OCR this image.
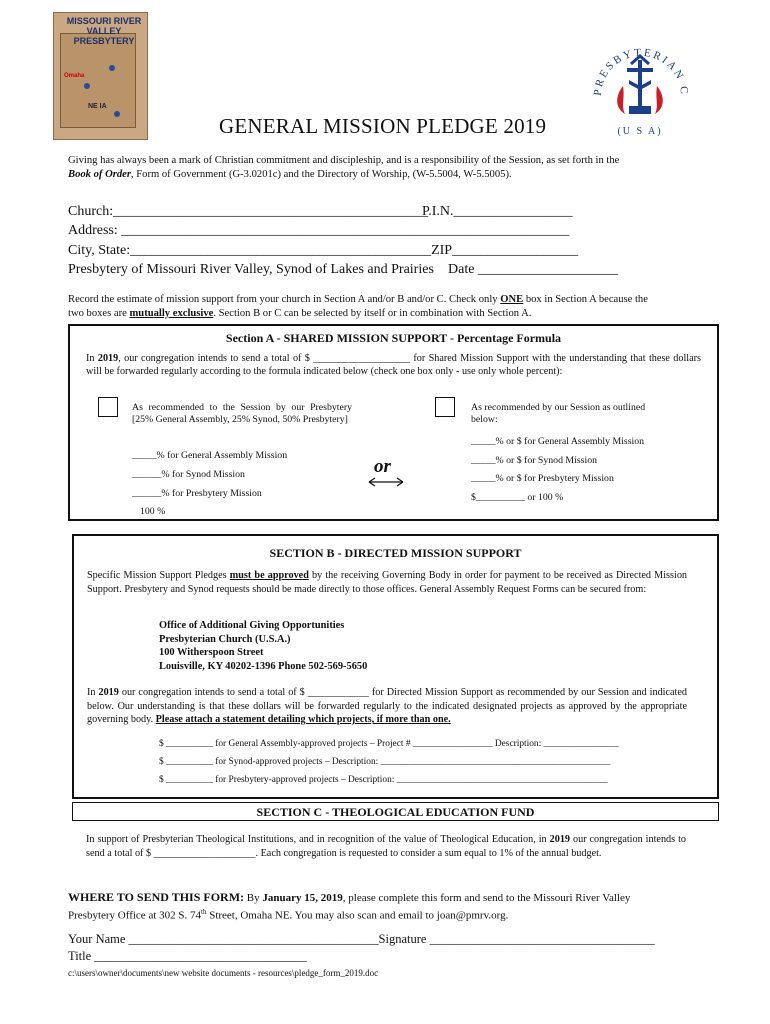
MISSOURI RIVER VALLEY PRESBYTERY
Omaha
NE IA
GENERAL MISSION PLEDGE 2019
PRESBYTERIAN C
(U S A)
Giving has always been a mark of Christian commitment and discipleship, and is a responsibility of the Session, as set forth in the
Book of Order, Form of Government (G-3.0201c) and the Directory of Worship, (W-5.5004, W-5.5005).
Church:_____________________________________________
P.I.N._________________
Address: ________________________________________________________________
City, State:___________________________________________ZIP__________________
Presbytery of Missouri River Valley, Synod of Lakes and Prairies Date ____________________
Record the estimate of mission support from your church in Section A and/or B and/or C. Check only ONE box in Section A because the
two boxes are mutually exclusive. Section B or C can be selected by itself or in combination with Section A.
Section A - SHARED MISSION SUPPORT - Percentage Formula
In 2019, our congregation intends to send a total of $ ___________________ for Shared Mission Support with the understanding that these dollars will be forwarded regularly according to the formula indicated below (check one box only - use only whole percent):
As recommended to the Session by our Presbytery [25% General Assembly, 25% Synod, 50% Presbytery]
_____% for General Assembly Mission
______% for Synod Mission
______% for Presbytery Mission
100 %
or
As recommended by our Session as outlined below:
_____% or $ for General Assembly Mission
_____% or $ for Synod Mission
_____% or $ for Presbytery Mission
$__________ or 100 %
SECTION B - DIRECTED MISSION SUPPORT
Specific Mission Support Pledges must be approved by the receiving Governing Body in order for payment to be received as Directed Mission Support. Presbytery and Synod requests should be made directly to those offices. General Assembly Request Forms can be secured from:
Office of Additional Giving Opportunities
Presbyterian Church (U.S.A.)
100 Witherspoon Street
Louisville, KY 40202-1396 Phone 502-569-5650
In 2019 our congregation intends to send a total of $ ____________ for Directed Mission Support as recommended by our Session and indicated below. Our understanding is that these dollars will be forwarded regularly to the indicated designated projects as approved by the appropriate governing body. Please attach a statement detailing which projects, if more than one.
$ __________ for General Assembly-approved projects – Project # _________________ Description: ________________
$ __________ for Synod-approved projects – Description: _________________________________________________
$ __________ for Presbytery-approved projects – Description: _____________________________________________
SECTION C - THEOLOGICAL EDUCATION FUND
In support of Presbyterian Theological Institutions, and in recognition of the value of Theological Education, in 2019 our congregation intends to send a total of $ ____________________. Each congregation is requested to consider a sum equal to 1% of the annual budget.
WHERE TO SEND THIS FORM: By January 15, 2019, please complete this form and send to the Missouri River Valley
Presbytery Office at 302 S. 74th Street, Omaha NE. You may also scan and email to joan@pmrv.org.
Your Name ________________________________________Signature ____________________________________
Title __________________________________
c:\users\owner\documents\new website documents - resources\pledge_form_2019.doc
